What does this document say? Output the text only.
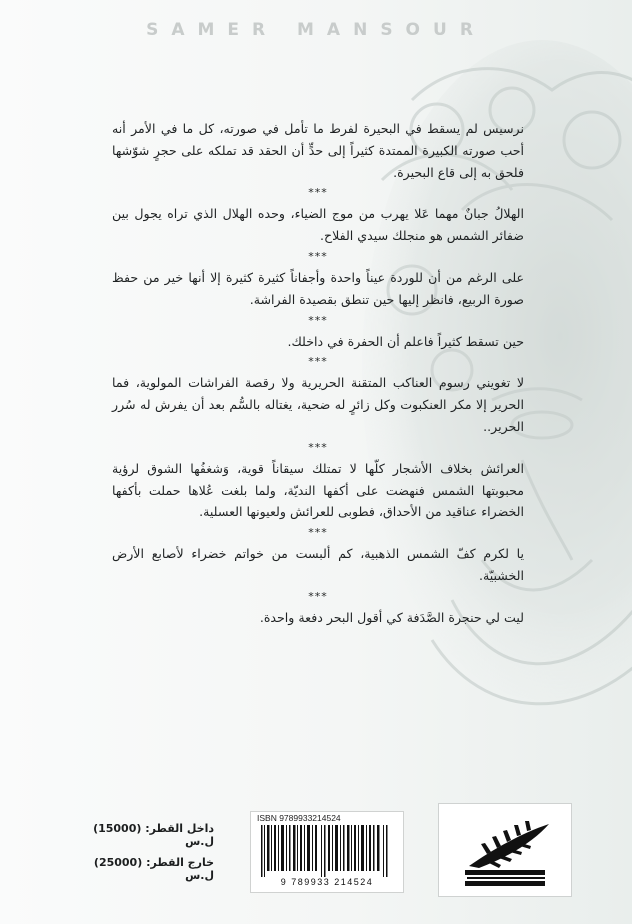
SAMER MANSOUR

نرسيس لم يسقط في البحيرة لفرط ما تأمل في صورته، كل ما في الأمر أنه أحب صورته الكبيرة الممتدة كثيراً إلى حدٍّ أن الحقد قد تملكه على حجرٍ شوّشها فلحق به إلى قاع البحيرة.

***

الهلالُ جبانٌ مهما عَلا يهرب من موج الضياء، وحده الهلال الذي تراه يجول بين ضفائر الشمس هو منجلك سيدي الفلاح.

***

على الرغم من أن للوردة عيناً واحدة وأجفاناً كثيرة كثيرة إلا أنها خير من حفظ صورة الربيع، فانظر إليها حين تنطق بقصيدة الفراشة.

***

حين تسقط كثيراً فاعلم أن الحفرة في داخلك.

***

لا تغويني رسوم العناكب المتقنة الحريرية ولا رقصة الفراشات المولوية، فما الحرير إلا مكر العنكبوت وكل زائرٍ له ضحية، يغتاله بالسُّم بعد أن يفرش له سُرر الحرير..

***

العرائش بخلاف الأشجار كلّها لا تمتلك سيقاناً قوية، وَشغفُها الشوق لرؤية محبوبتها الشمس فنهضت على أكفها النديّة، ولما بلغت عُلاها حملت بأكفها الخضراء عناقيد من الأحداق، فطوبى للعرائش ولعيونها العسلية.

***

يا لكرم كفّ الشمس الذهبية، كم ألبست من خواتم خضراء لأصابع الأرض الخشبيّة.

***

ليت لي حنجرة الصَّدَفة كي أقول البحر دفعة واحدة.

داخل القطر: (15000) ل.س
خارج القطر: (25000) ل.س
ISBN 9789933214524
9 789933 214524
